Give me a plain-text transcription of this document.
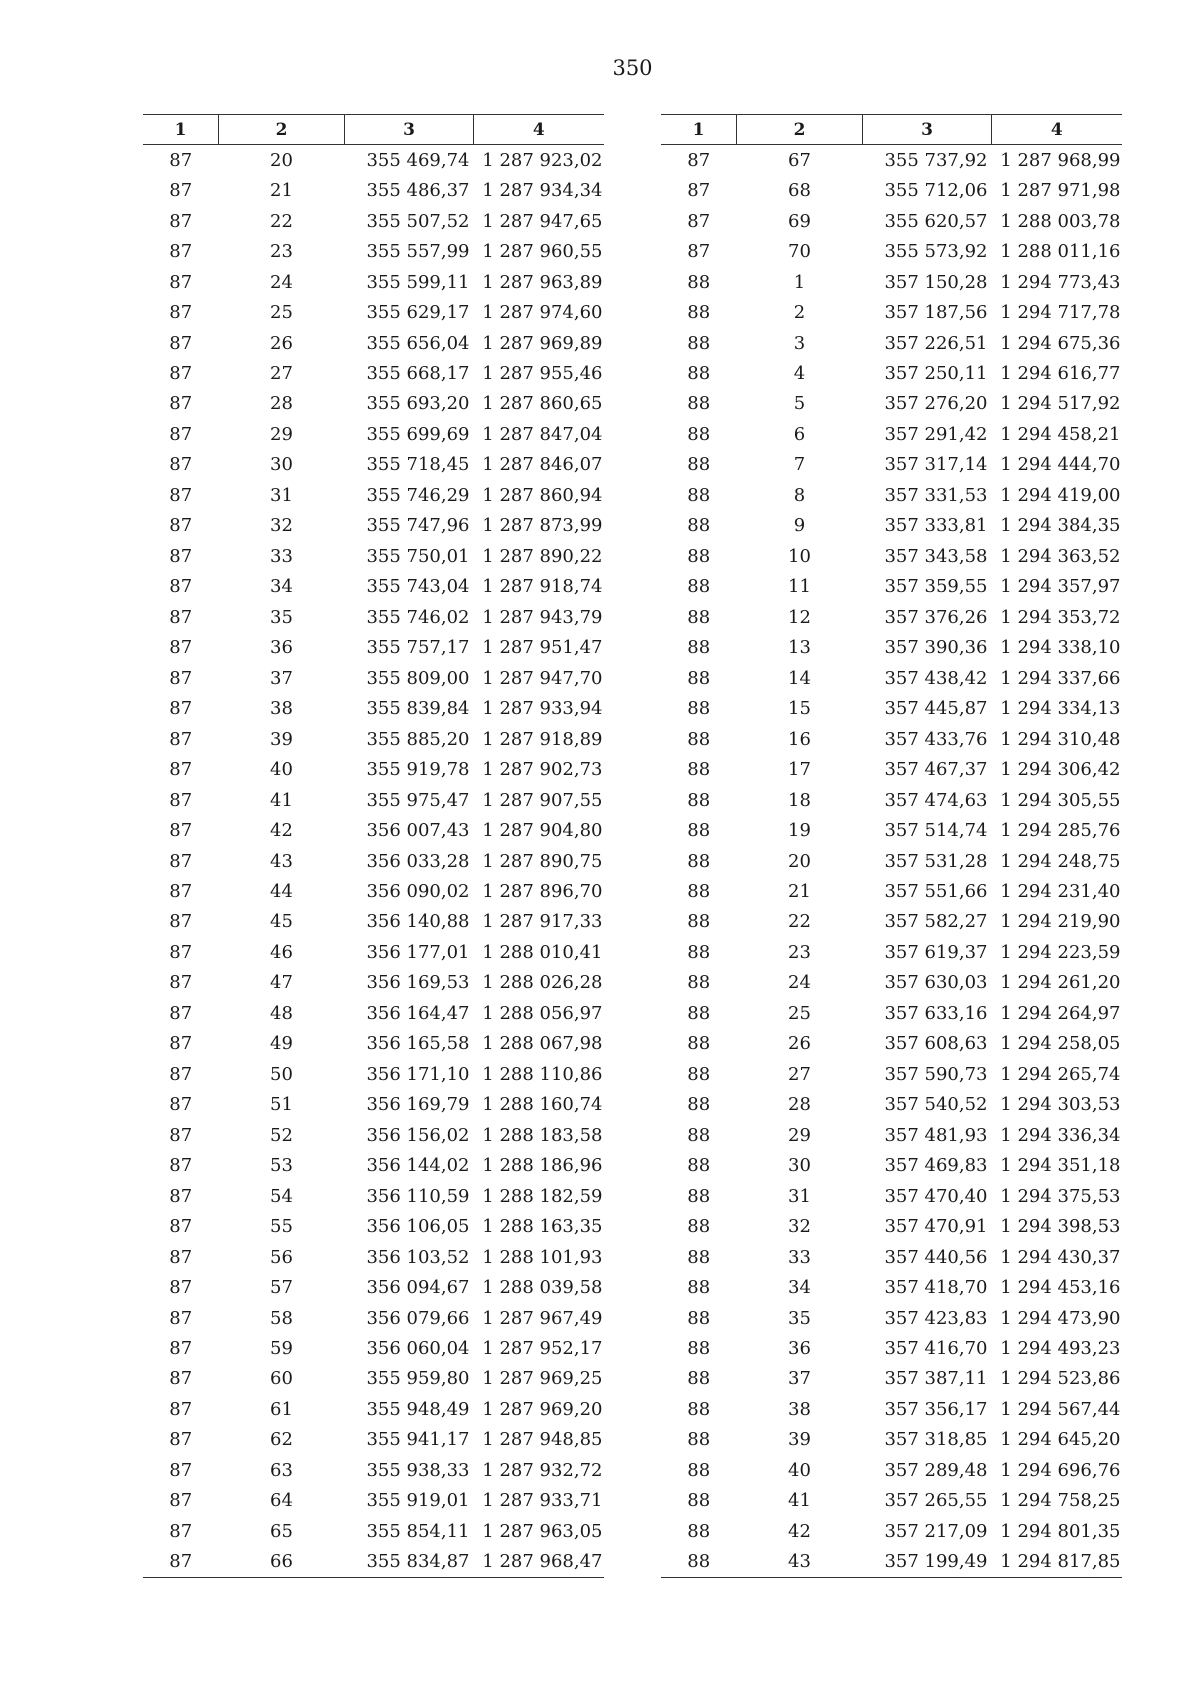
350
1	2	3	4
87	20	355 469,74	1 287 923,02
87	21	355 486,37	1 287 934,34
87	22	355 507,52	1 287 947,65
87	23	355 557,99	1 287 960,55
87	24	355 599,11	1 287 963,89
87	25	355 629,17	1 287 974,60
87	26	355 656,04	1 287 969,89
87	27	355 668,17	1 287 955,46
87	28	355 693,20	1 287 860,65
87	29	355 699,69	1 287 847,04
87	30	355 718,45	1 287 846,07
87	31	355 746,29	1 287 860,94
87	32	355 747,96	1 287 873,99
87	33	355 750,01	1 287 890,22
87	34	355 743,04	1 287 918,74
87	35	355 746,02	1 287 943,79
87	36	355 757,17	1 287 951,47
87	37	355 809,00	1 287 947,70
87	38	355 839,84	1 287 933,94
87	39	355 885,20	1 287 918,89
87	40	355 919,78	1 287 902,73
87	41	355 975,47	1 287 907,55
87	42	356 007,43	1 287 904,80
87	43	356 033,28	1 287 890,75
87	44	356 090,02	1 287 896,70
87	45	356 140,88	1 287 917,33
87	46	356 177,01	1 288 010,41
87	47	356 169,53	1 288 026,28
87	48	356 164,47	1 288 056,97
87	49	356 165,58	1 288 067,98
87	50	356 171,10	1 288 110,86
87	51	356 169,79	1 288 160,74
87	52	356 156,02	1 288 183,58
87	53	356 144,02	1 288 186,96
87	54	356 110,59	1 288 182,59
87	55	356 106,05	1 288 163,35
87	56	356 103,52	1 288 101,93
87	57	356 094,67	1 288 039,58
87	58	356 079,66	1 287 967,49
87	59	356 060,04	1 287 952,17
87	60	355 959,80	1 287 969,25
87	61	355 948,49	1 287 969,20
87	62	355 941,17	1 287 948,85
87	63	355 938,33	1 287 932,72
87	64	355 919,01	1 287 933,71
87	65	355 854,11	1 287 963,05
87	66	355 834,87	1 287 968,47
1	2	3	4
87	67	355 737,92	1 287 968,99
87	68	355 712,06	1 287 971,98
87	69	355 620,57	1 288 003,78
87	70	355 573,92	1 288 011,16
88	1	357 150,28	1 294 773,43
88	2	357 187,56	1 294 717,78
88	3	357 226,51	1 294 675,36
88	4	357 250,11	1 294 616,77
88	5	357 276,20	1 294 517,92
88	6	357 291,42	1 294 458,21
88	7	357 317,14	1 294 444,70
88	8	357 331,53	1 294 419,00
88	9	357 333,81	1 294 384,35
88	10	357 343,58	1 294 363,52
88	11	357 359,55	1 294 357,97
88	12	357 376,26	1 294 353,72
88	13	357 390,36	1 294 338,10
88	14	357 438,42	1 294 337,66
88	15	357 445,87	1 294 334,13
88	16	357 433,76	1 294 310,48
88	17	357 467,37	1 294 306,42
88	18	357 474,63	1 294 305,55
88	19	357 514,74	1 294 285,76
88	20	357 531,28	1 294 248,75
88	21	357 551,66	1 294 231,40
88	22	357 582,27	1 294 219,90
88	23	357 619,37	1 294 223,59
88	24	357 630,03	1 294 261,20
88	25	357 633,16	1 294 264,97
88	26	357 608,63	1 294 258,05
88	27	357 590,73	1 294 265,74
88	28	357 540,52	1 294 303,53
88	29	357 481,93	1 294 336,34
88	30	357 469,83	1 294 351,18
88	31	357 470,40	1 294 375,53
88	32	357 470,91	1 294 398,53
88	33	357 440,56	1 294 430,37
88	34	357 418,70	1 294 453,16
88	35	357 423,83	1 294 473,90
88	36	357 416,70	1 294 493,23
88	37	357 387,11	1 294 523,86
88	38	357 356,17	1 294 567,44
88	39	357 318,85	1 294 645,20
88	40	357 289,48	1 294 696,76
88	41	357 265,55	1 294 758,25
88	42	357 217,09	1 294 801,35
88	43	357 199,49	1 294 817,85
